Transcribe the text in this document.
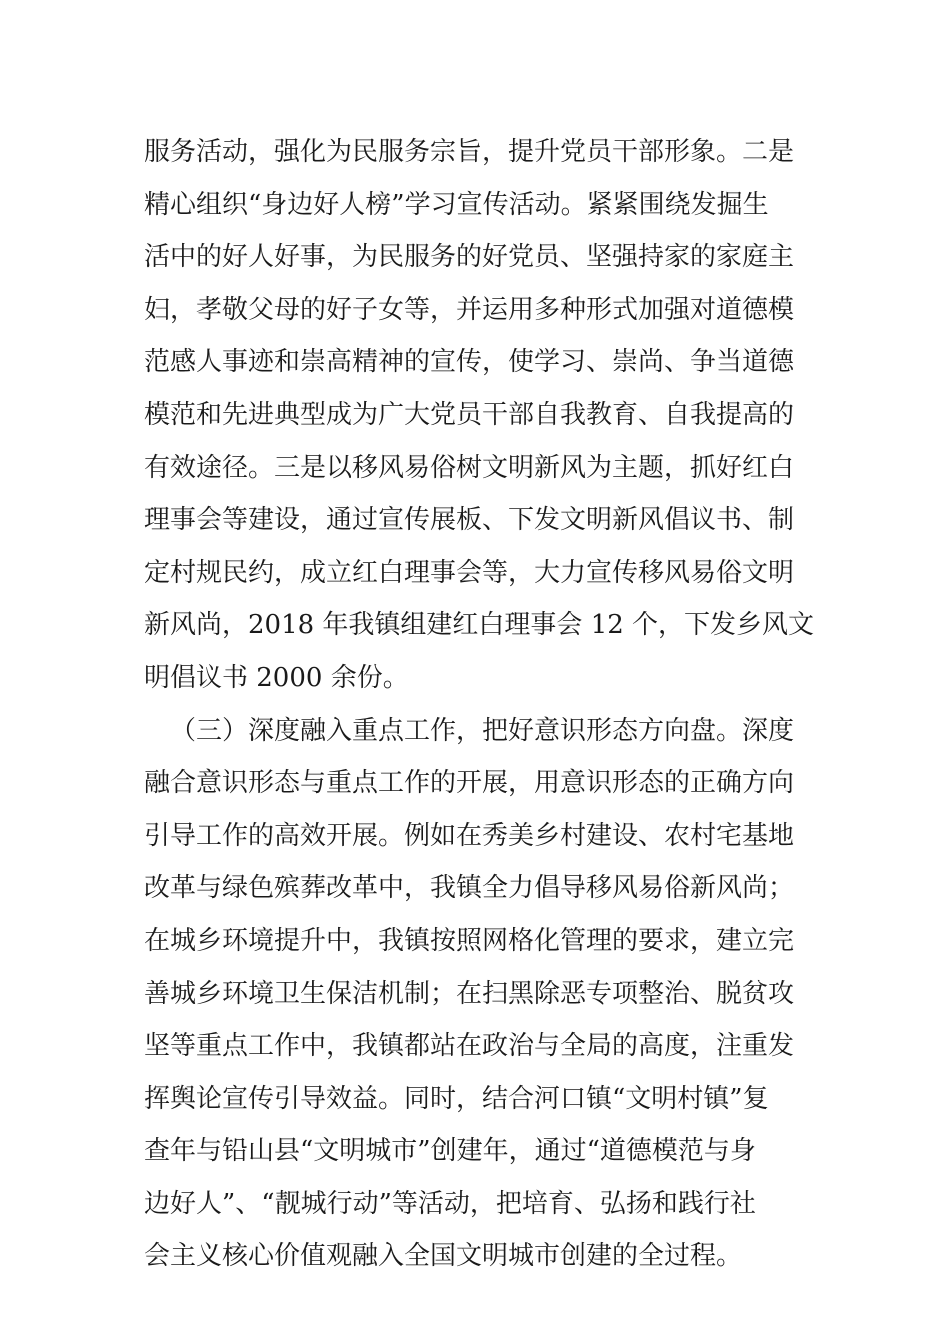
服务活动，强化为民服务宗旨，提升党员干部形象。二是
精心组织“身边好人榜”学习宣传活动。紧紧围绕发掘生
活中的好人好事，为民服务的好党员、坚强持家的家庭主
妇，孝敬父母的好子女等，并运用多种形式加强对道德模
范感人事迹和崇高精神的宣传，使学习、崇尚、争当道德
模范和先进典型成为广大党员干部自我教育、自我提高的
有效途径。三是以移风易俗树文明新风为主题，抓好红白
理事会等建设，通过宣传展板、下发文明新风倡议书、制
定村规民约，成立红白理事会等，大力宣传移风易俗文明
新风尚，2018 年我镇组建红白理事会 12 个，下发乡风文
明倡议书 2000 余份。
（三）深度融入重点工作，把好意识形态方向盘。深度
融合意识形态与重点工作的开展，用意识形态的正确方向
引导工作的高效开展。例如在秀美乡村建设、农村宅基地
改革与绿色殡葬改革中，我镇全力倡导移风易俗新风尚；
在城乡环境提升中，我镇按照网格化管理的要求，建立完
善城乡环境卫生保洁机制；在扫黑除恶专项整治、脱贫攻
坚等重点工作中，我镇都站在政治与全局的高度，注重发
挥舆论宣传引导效益。同时，结合河口镇“文明村镇”复
查年与铅山县“文明城市”创建年，通过“道德模范与身
边好人”、“靓城行动”等活动，把培育、弘扬和践行社
会主义核心价值观融入全国文明城市创建的全过程。
